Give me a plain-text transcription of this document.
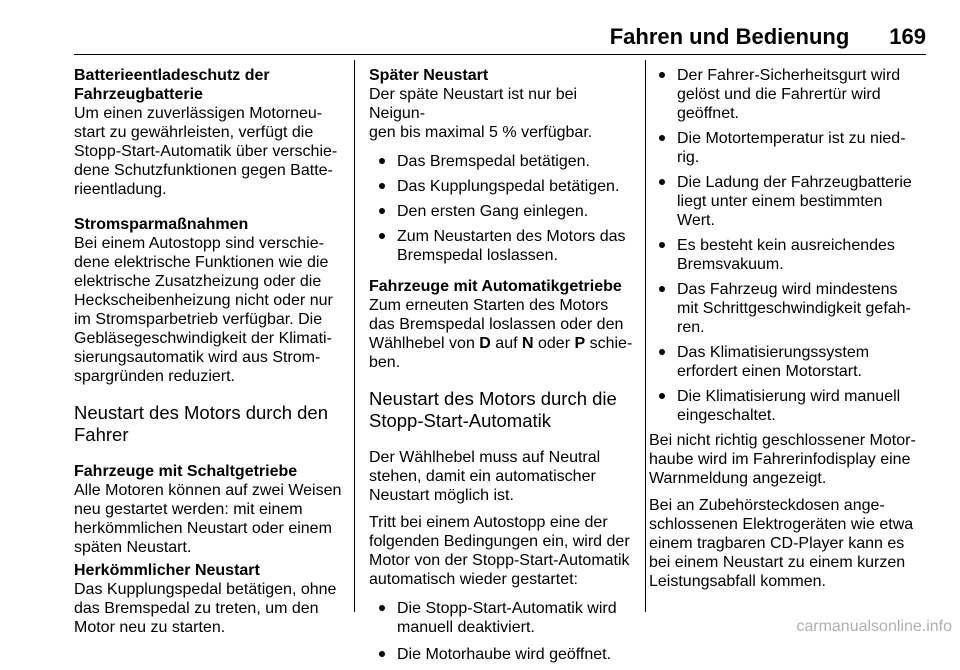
Fahren und Bedienung 169
Batterieentladeschutz der
Fahrzeugbatterie

Um einen zuverlässigen Motorneu-
start zu gewährleisten, verfügt die
Stopp-Start-Automatik über verschie-
dene Schutzfunktionen gegen Batte-
rieentladung.

Stromsparmaßnahmen

Bei einem Autostopp sind verschie-
dene elektrische Funktionen wie die
elektrische Zusatzheizung oder die
Heckscheibenheizung nicht oder nur
im Stromsparbetrieb verfügbar. Die
Gebläsegeschwindigkeit der Klimati-
sierungsautomatik wird aus Strom-
spargründen reduziert.

Neustart des Motors durch den
Fahrer
Fahrzeuge mit Schaltgetriebe

Alle Motoren können auf zwei Weisen
neu gestartet werden: mit einem
herkömmlichen Neustart oder einem
späten Neustart.

Herkömmlicher Neustart

Das Kupplungspedal betätigen, ohne
das Bremspedal zu treten, um den
Motor neu zu starten.

Später Neustart

Der späte Neustart ist nur bei Neigun-
gen bis maximal 5 % verfügbar.

Das Bremspedal betätigen.
Das Kupplungspedal betätigen.
Den ersten Gang einlegen.
Zum Neustarten des Motors das
Bremspedal loslassen.
Fahrzeuge mit Automatikgetriebe

Zum erneuten Starten des Motors
das Bremspedal loslassen oder den
Wählhebel von D auf N oder P schie-
ben.

Neustart des Motors durch die
Stopp-Start-Automatik

Der Wählhebel muss auf Neutral
stehen, damit ein automatischer
Neustart möglich ist.

Tritt bei einem Autostopp eine der
folgenden Bedingungen ein, wird der
Motor von der Stopp-Start-Automatik
automatisch wieder gestartet:

Die Stopp-Start-Automatik wird
manuell deaktiviert.
Die Motorhaube wird geöffnet.
Der Fahrer-Sicherheitsgurt wird
gelöst und die Fahrertür wird
geöffnet.
Die Motortemperatur ist zu nied-
rig.
Die Ladung der Fahrzeugbatterie
liegt unter einem bestimmten
Wert.
Es besteht kein ausreichendes
Bremsvakuum.
Das Fahrzeug wird mindestens
mit Schrittgeschwindigkeit gefah-
ren.
Das Klimatisierungssystem
erfordert einen Motorstart.
Die Klimatisierung wird manuell
eingeschaltet.

Bei nicht richtig geschlossener Motor-
haube wird im Fahrerinfodisplay eine
Warnmeldung angezeigt.

Bei an Zubehörsteckdosen ange-
schlossenen Elektrogeräten wie etwa
einem tragbaren CD-Player kann es
bei einem Neustart zu einem kurzen
Leistungsabfall kommen.

carmanualsonline.info
